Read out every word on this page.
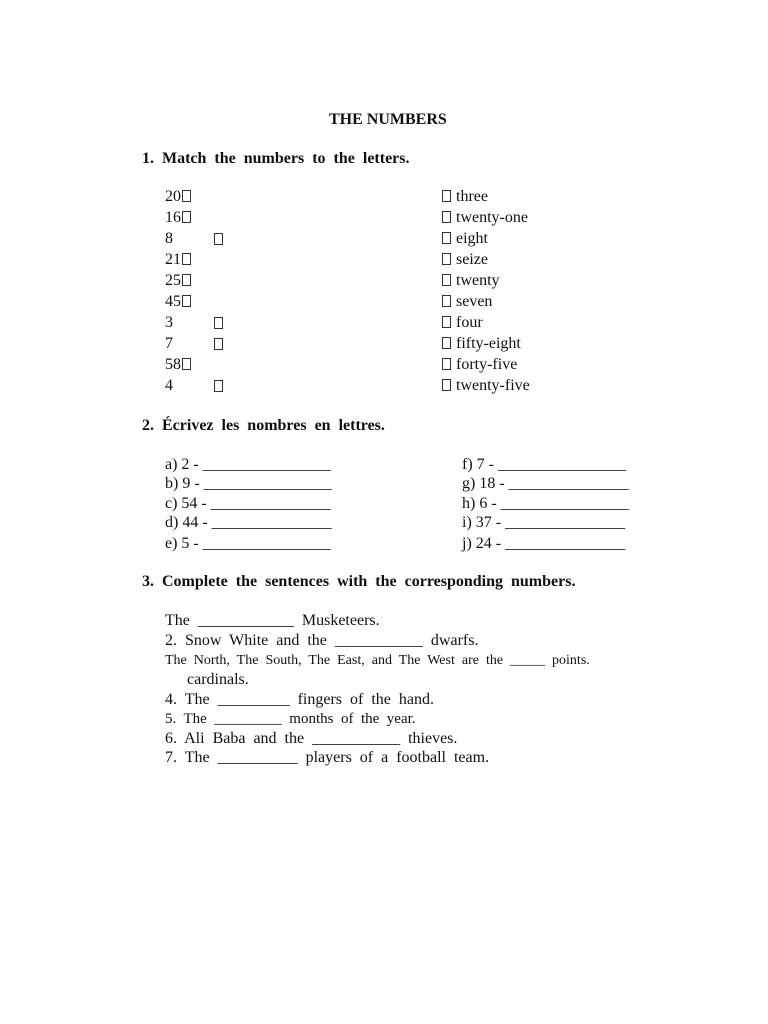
THE NUMBERS
1.  Match  the  numbers  to  the  letters.
20
16
8
21
25
45
3
7
58
4
three
twenty-one
eight
seize
twenty
seven
four
fifty-eight
forty-five
twenty-five
2.  Écrivez  les  nombres  en  lettres.
a) 2 - ________________
b) 9 - ________________
c) 54 - _______________
d) 44 - _______________
e) 5 - ________________
f) 7 - ________________
g) 18 - _______________
h) 6 - ________________
i) 37 - _______________
j) 24 - _______________
3.  Complete  the  sentences  with  the  corresponding  numbers.
The  ____________  Musketeers.
2.  Snow  White  and  the  ___________  dwarfs.
The  North,  The  South,  The  East,  and  The  West  are  the  _____  points.
cardinals.
4.  The  _________  fingers  of  the  hand.
5.  The  _________  months  of  the  year.
6.  Ali  Baba  and  the  ___________  thieves.
7.  The  __________  players  of  a  football  team.
